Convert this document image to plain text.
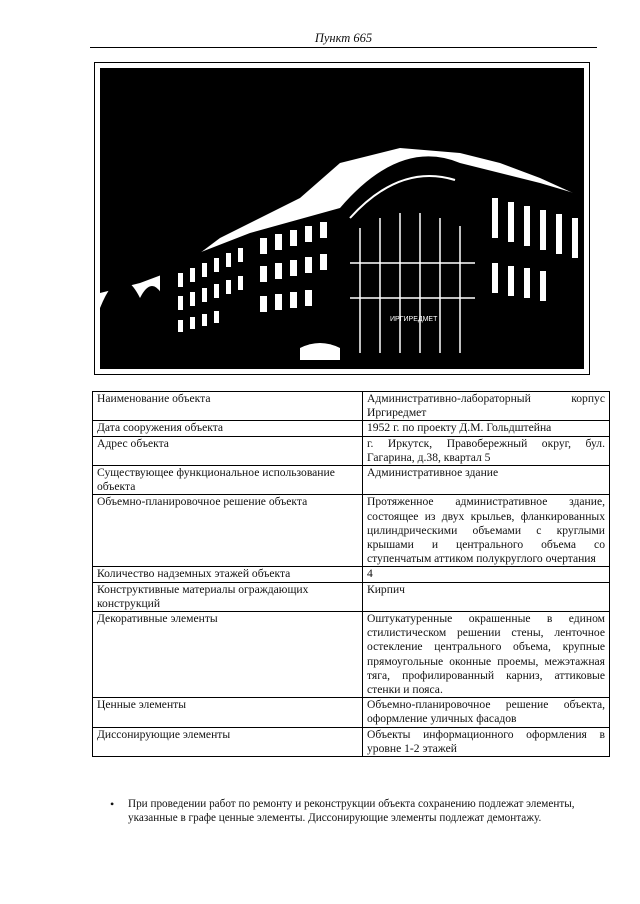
Пункт 665
ИРГИРЕДМЕТ
Наименование объекта	Административно-лабораторный корпус Иргиредмет
Дата сооружения объекта	1952 г. по проекту Д.М. Гольдштейна
Адрес объекта	г. Иркутск, Правобережный округ, бул. Гагарина, д.38, квартал 5
Существующее функциональное использование объекта	Административное здание
Объемно-планировочное решение объекта	Протяженное административное здание, состоящее из двух крыльев, фланкированных цилиндрическими объемами с круглыми крышами и центрального объема со ступенчатым аттиком полукруглого очертания
Количество надземных этажей объекта	4
Конструктивные материалы ограждающих конструкций	Кирпич
Декоративные элементы	Оштукатуренные окрашенные в едином стилистическом решении стены, ленточное остекление центрального объема, крупные прямоугольные оконные проемы, межэтажная тяга, профилированный карниз, аттиковые стенки и пояса.
Ценные элементы	Объемно-планировочное решение объекта, оформление уличных фасадов
Диссонирующие элементы	Объекты информационного оформления в уровне 1-2 этажей
•	При проведении работ по ремонту и реконструкции объекта сохранению подлежат элементы, указанные в графе ценные элементы. Диссонирующие элементы подлежат демонтажу.
